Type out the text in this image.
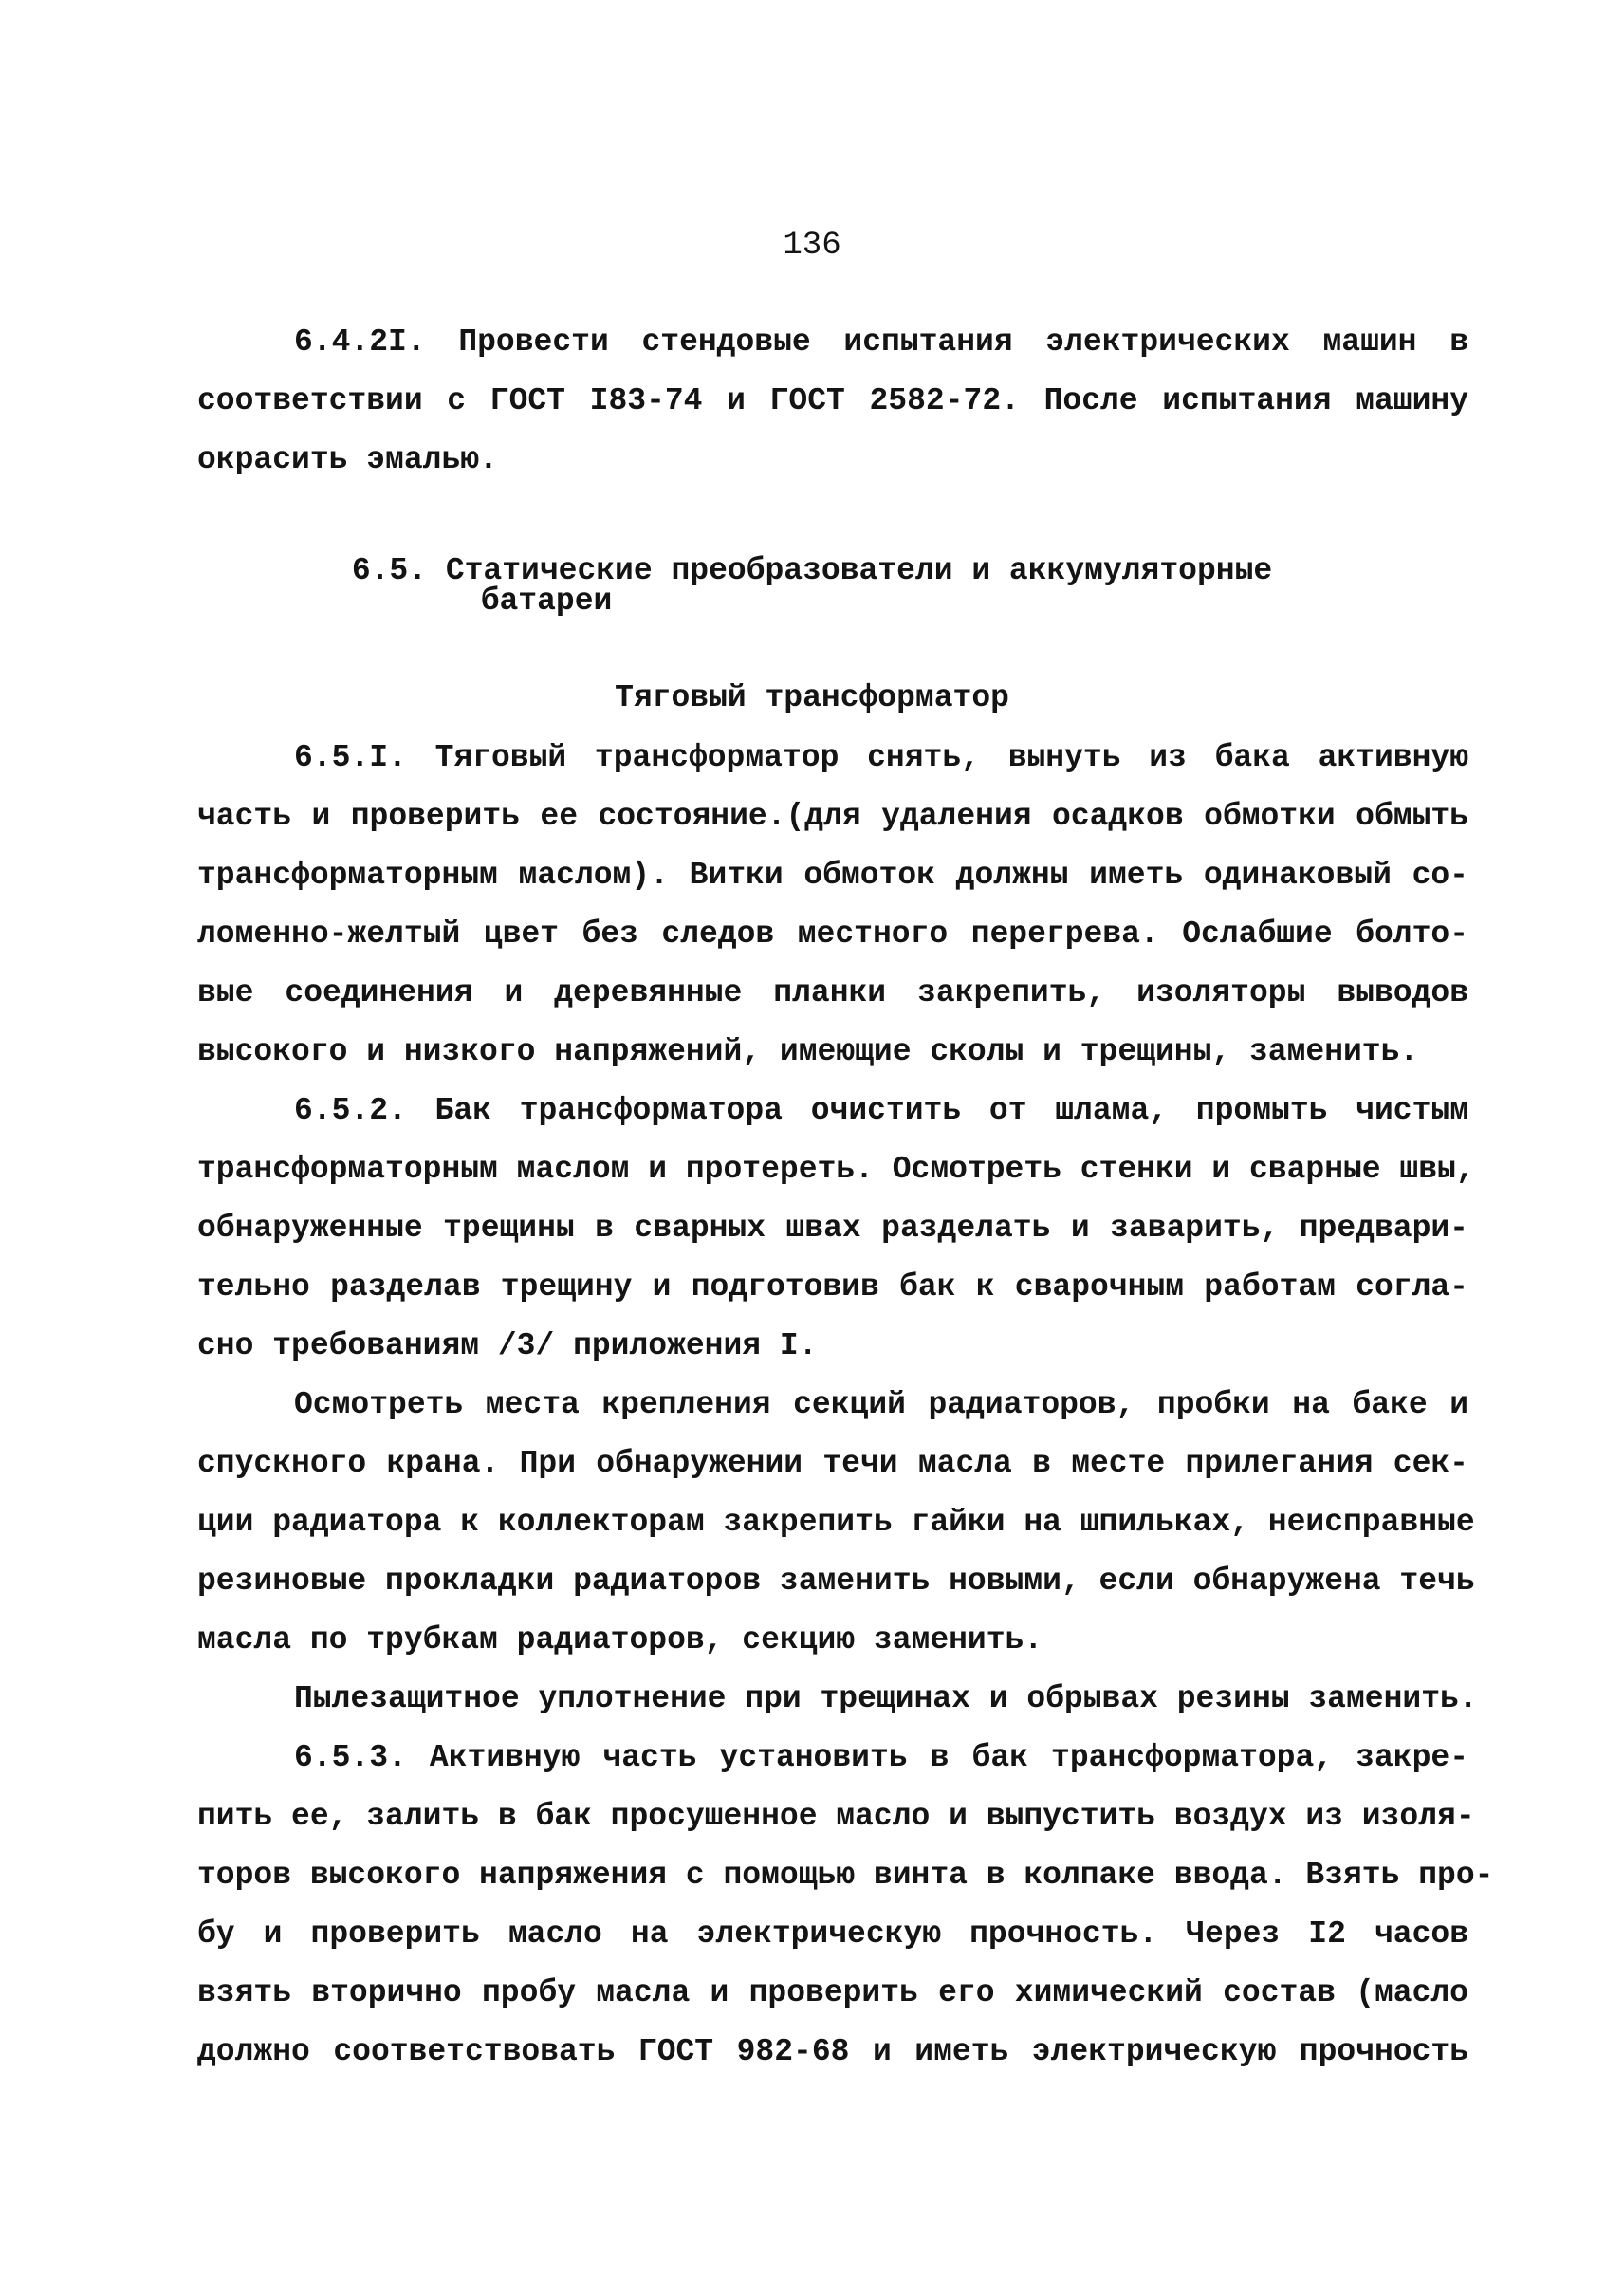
136
6.4.2I. Провести стендовые испытания электрических машин в
соответствии с ГОСТ I83-74 и ГОСТ 2582-72. После испытания машину
окрасить эмалью.
6.5. Статические преобразователи и аккумуляторные
батареи
Тяговый трансформатор
6.5.I. Тяговый трансформатор снять, вынуть из бака активную
часть и проверить ее состояние.(для удаления осадков обмотки обмыть
трансформаторным маслом). Витки обмоток должны иметь одинаковый со-
ломенно-желтый цвет без следов местного перегрева. Ослабшие болто-
вые соединения и деревянные планки закрепить, изоляторы выводов
высокого и низкого напряжений, имеющие сколы и трещины, заменить.
6.5.2. Бак трансформатора очистить от шлама, промыть чистым
трансформаторным маслом и протереть. Осмотреть стенки и сварные швы,
обнаруженные трещины в сварных швах разделать и заварить, предвари-
тельно разделав трещину и подготовив бак к сварочным работам согла-
сно требованиям /3/ приложения I.
Осмотреть места крепления секций радиаторов, пробки на баке и
спускного крана. При обнаружении течи масла в месте прилегания сек-
ции радиатора к коллекторам закрепить гайки на шпильках, неисправные
резиновые прокладки радиаторов заменить новыми, если обнаружена течь
масла по трубкам радиаторов, секцию заменить.
Пылезащитное уплотнение при трещинах и обрывах резины заменить.
6.5.3. Активную часть установить в бак трансформатора, закре-
пить ее, залить в бак просушенное масло и выпустить воздух из изоля-
торов высокого напряжения с помощью винта в колпаке ввода. Взять про-
бу и проверить масло на электрическую прочность. Через I2 часов
взять вторично пробу масла и проверить его химический состав (масло
должно соответствовать ГОСТ 982-68 и иметь электрическую прочность
